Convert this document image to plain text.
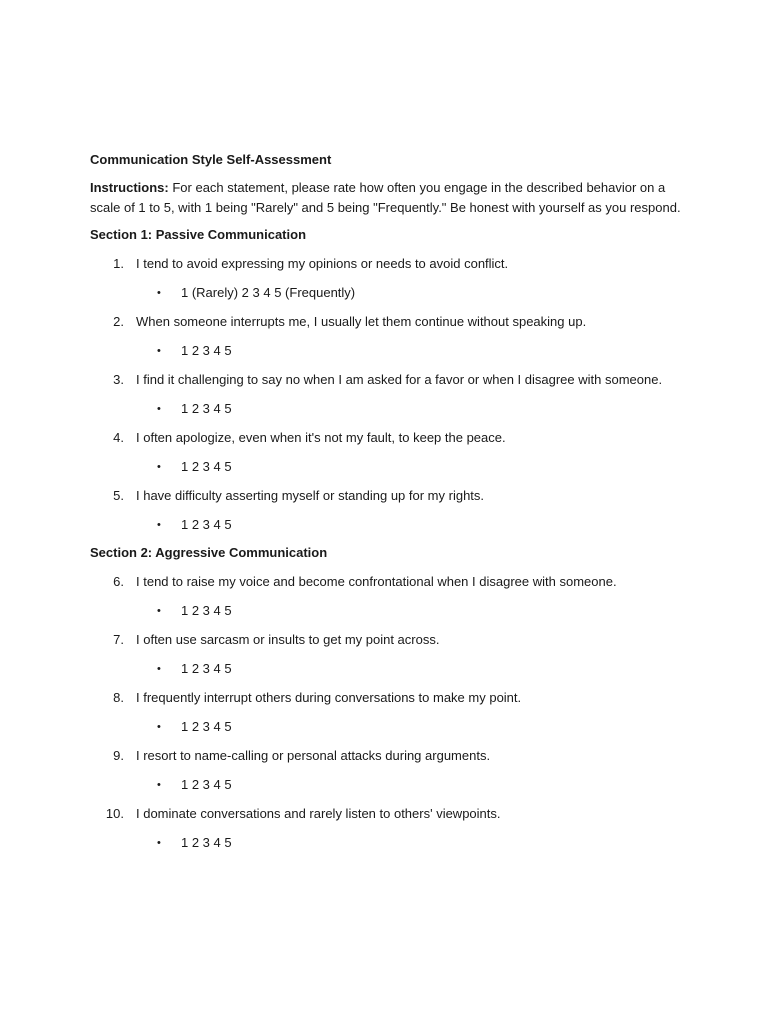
Communication Style Self-Assessment

Instructions: For each statement, please rate how often you engage in the described behavior on a scale of 1 to 5, with 1 being "Rarely" and 5 being "Frequently." Be honest with yourself as you respond.

Section 1: Passive Communication

1. I tend to avoid expressing my opinions or needs to avoid conflict.
• 1 (Rarely) 2 3 4 5 (Frequently)
2. When someone interrupts me, I usually let them continue without speaking up.
• 1 2 3 4 5
3. I find it challenging to say no when I am asked for a favor or when I disagree with someone.
• 1 2 3 4 5
4. I often apologize, even when it's not my fault, to keep the peace.
• 1 2 3 4 5
5. I have difficulty asserting myself or standing up for my rights.
• 1 2 3 4 5

Section 2: Aggressive Communication

6. I tend to raise my voice and become confrontational when I disagree with someone.
• 1 2 3 4 5
7. I often use sarcasm or insults to get my point across.
• 1 2 3 4 5
8. I frequently interrupt others during conversations to make my point.
• 1 2 3 4 5
9. I resort to name-calling or personal attacks during arguments.
• 1 2 3 4 5
10. I dominate conversations and rarely listen to others' viewpoints.
• 1 2 3 4 5
